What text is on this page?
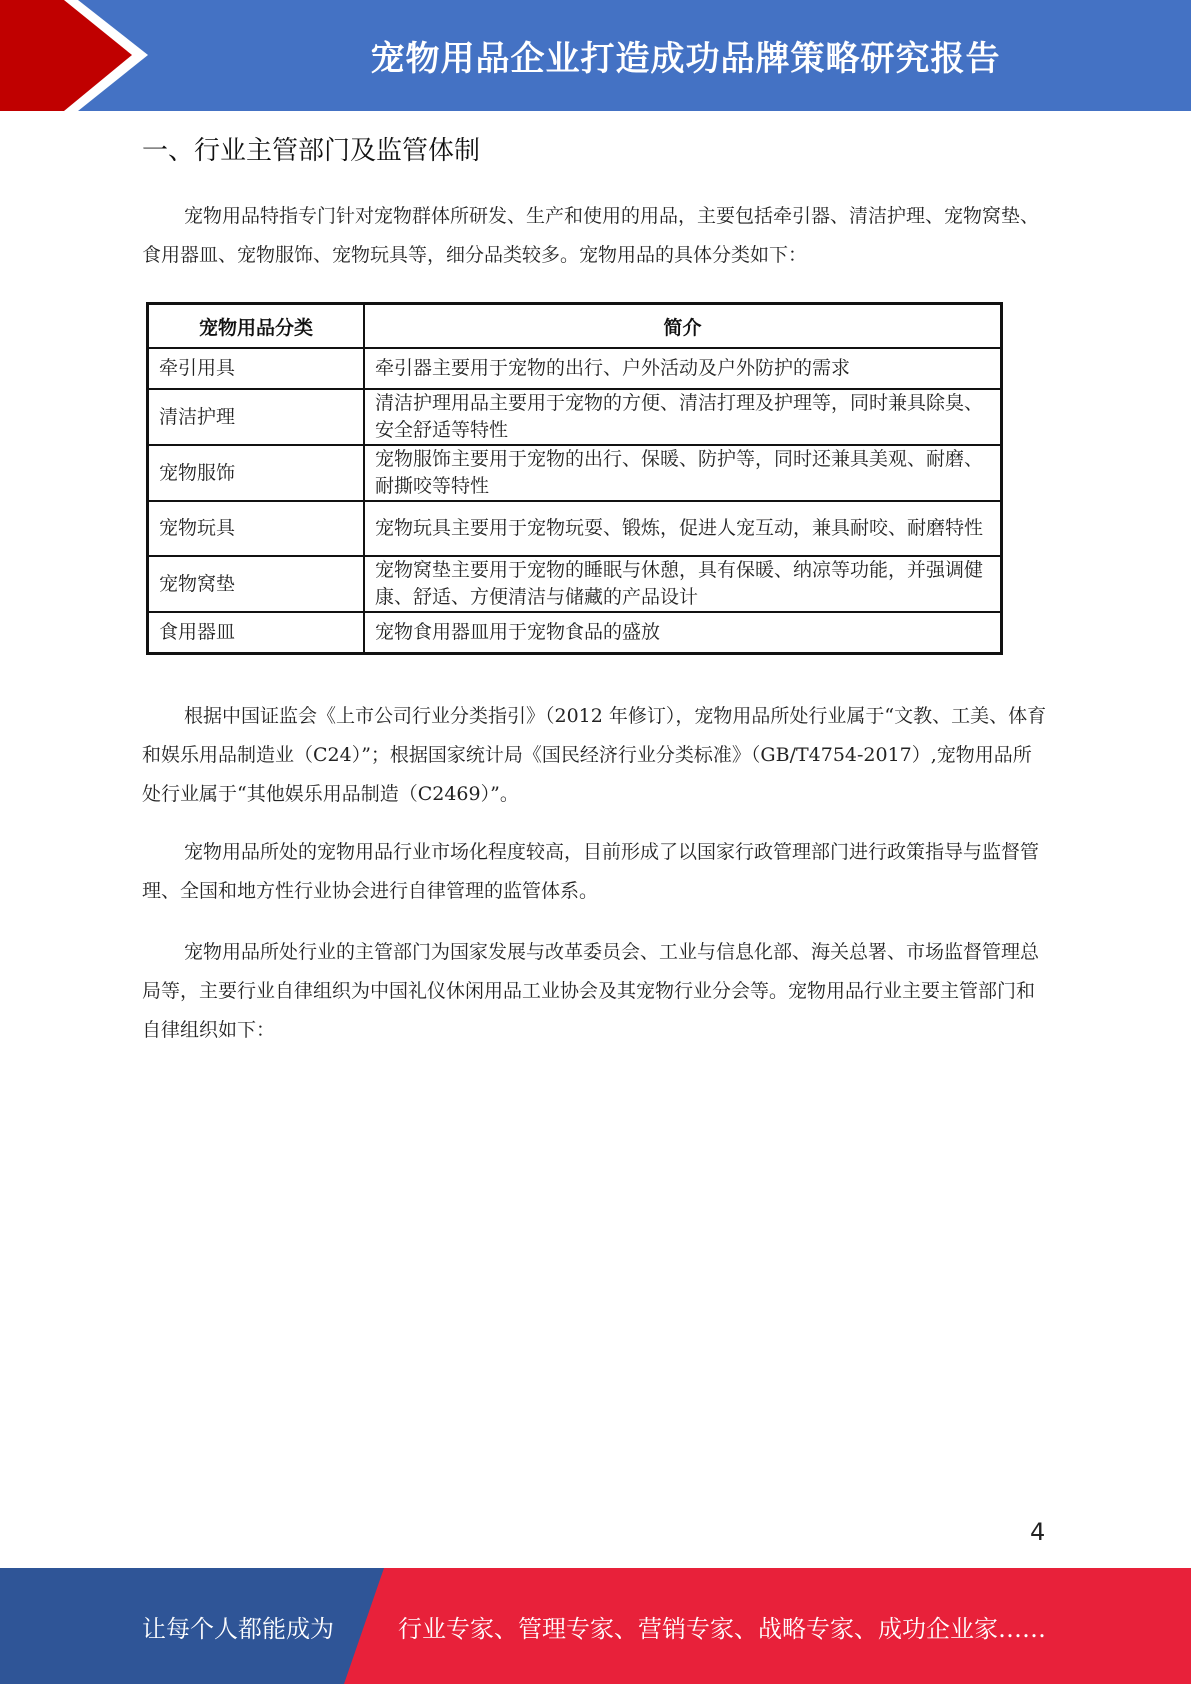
宠物用品企业打造成功品牌策略研究报告
一、行业主管部门及监管体制

宠物用品特指专门针对宠物群体所研发、生产和使用的用品，主要包括牵引器、清洁护理、宠物窝垫、食用器皿、宠物服饰、宠物玩具等，细分品类较多。宠物用品的具体分类如下：

宠物用品分类	简介
牵引用具	牵引器主要用于宠物的出行、户外活动及户外防护的需求
清洁护理	清洁护理用品主要用于宠物的方便、清洁打理及护理等，同时兼具除臭、安全舒适等特性
宠物服饰	宠物服饰主要用于宠物的出行、保暖、防护等，同时还兼具美观、耐磨、耐撕咬等特性
宠物玩具	宠物玩具主要用于宠物玩耍、锻炼，促进人宠互动，兼具耐咬、耐磨特性
宠物窝垫	宠物窝垫主要用于宠物的睡眠与休憩，具有保暖、纳凉等功能，并强调健康、舒适、方便清洁与储藏的产品设计
食用器皿	宠物食用器皿用于宠物食品的盛放

根据中国证监会《上市公司行业分类指引》（2012 年修订），宠物用品所处行业属于“文教、工美、体育和娱乐用品制造业（C24）”；根据国家统计局《国民经济行业分类标准》（GB/T4754-2017）,宠物用品所处行业属于“其他娱乐用品制造（C2469）”。

宠物用品所处的宠物用品行业市场化程度较高，目前形成了以国家行政管理部门进行政策指导与监督管理、全国和地方性行业协会进行自律管理的监管体系。

宠物用品所处行业的主管部门为国家发展与改革委员会、工业与信息化部、海关总署、市场监督管理总局等，主要行业自律组织为中国礼仪休闲用品工业协会及其宠物行业分会等。宠物用品行业主要主管部门和自律组织如下：

4
让每个人都能成为	行业专家、管理专家、营销专家、战略专家、成功企业家……
